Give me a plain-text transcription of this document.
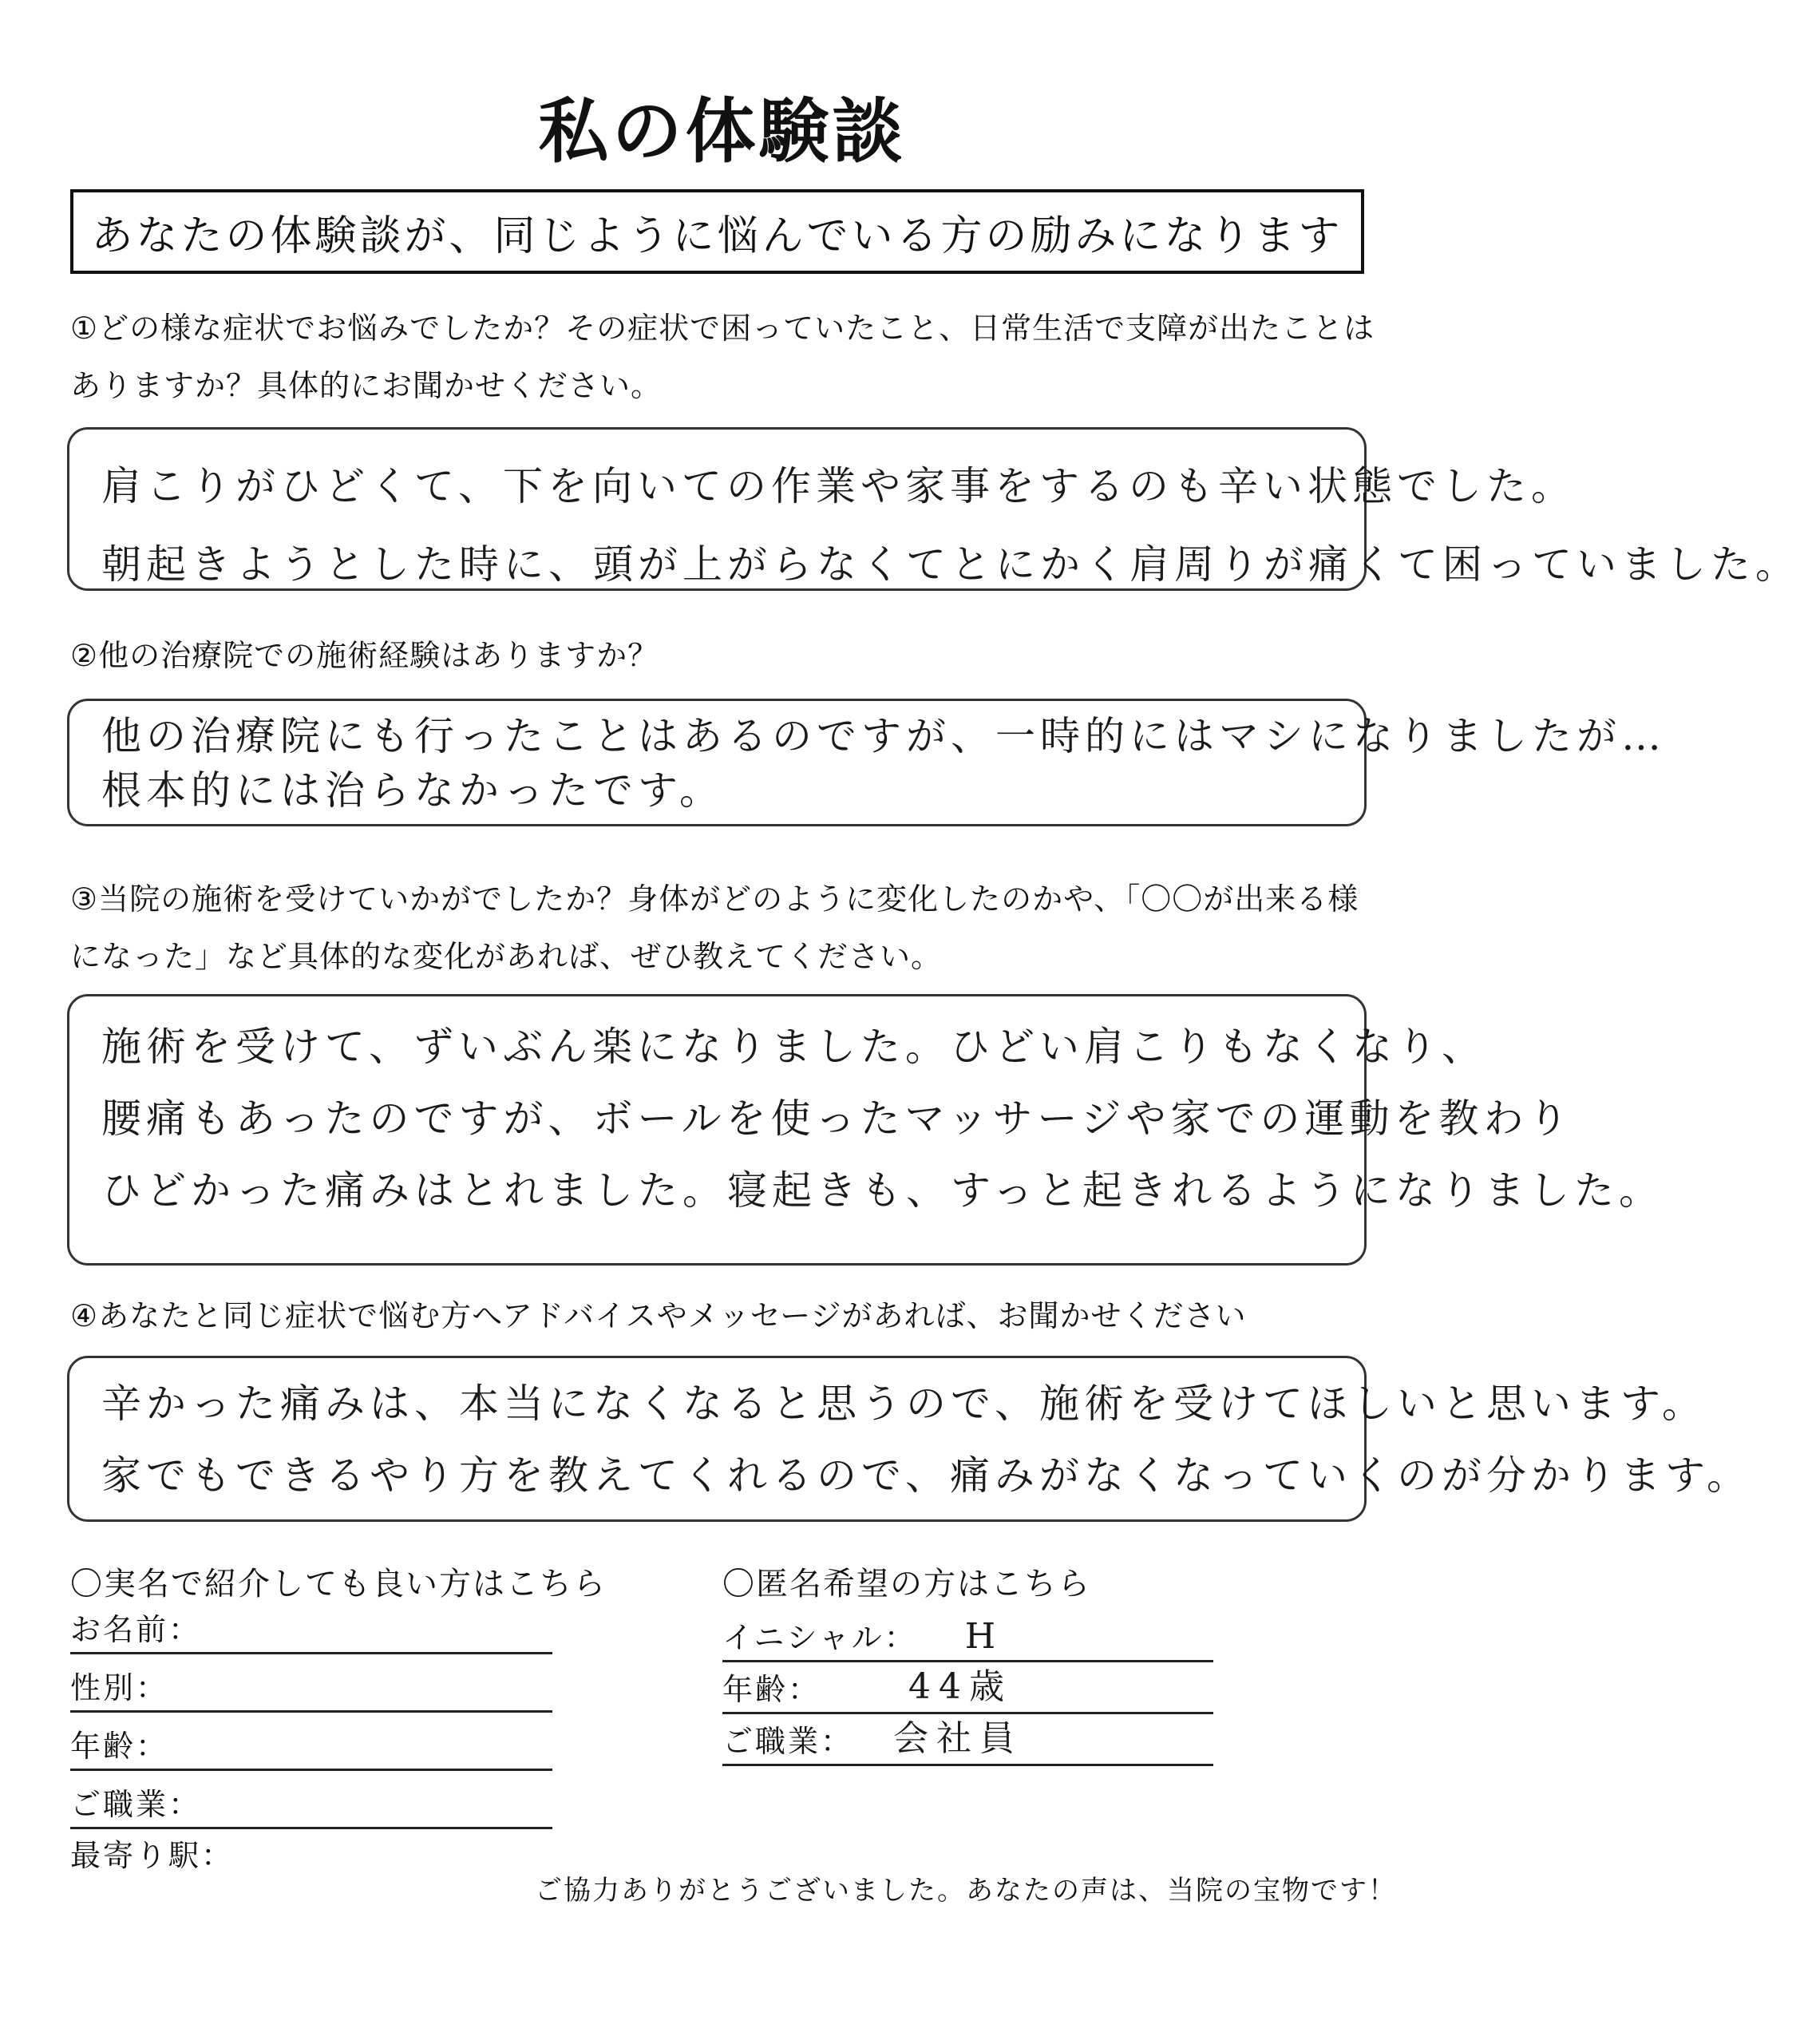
私の体験談
あなたの体験談が、同じように悩んでいる方の励みになります
①どの様な症状でお悩みでしたか？その症状で困っていたこと、日常生活で支障が出たことはありますか？具体的にお聞かせください。
肩こりがひどくて、下を向いての作業や家事をするのも辛い状態でした。
朝起きようとした時に、頭が上がらなくてとにかく肩周りが痛くて困っていました。
②他の治療院での施術経験はありますか？
他の治療院にも行ったことはあるのですが、一時的にはマシになりましたが…
根本的には治らなかったです。
③当院の施術を受けていかがでしたか？身体がどのように変化したのかや、「〇〇が出来る様になった」など具体的な変化があれば、ぜひ教えてください。
施術を受けて、ずいぶん楽になりました。ひどい肩こりもなくなり、
腰痛もあったのですが、ボールを使ったマッサージや家での運動を教わり
ひどかった痛みはとれました。寝起きも、すっと起きれるようになりました。
④あなたと同じ症状で悩む方へアドバイスやメッセージがあれば、お聞かせください
辛かった痛みは、本当になくなると思うので、施術を受けてほしいと思います。
家でもできるやり方を教えてくれるので、痛みがなくなっていくのが分かります。
〇実名で紹介しても良い方はこちら
お名前：
性別：
年齢：
ご職業：
最寄り駅：
〇匿名希望の方はこちら
イニシャル： H
年齢：	44歳
ご職業： 会社員
ご協力ありがとうございました。あなたの声は、当院の宝物です！
